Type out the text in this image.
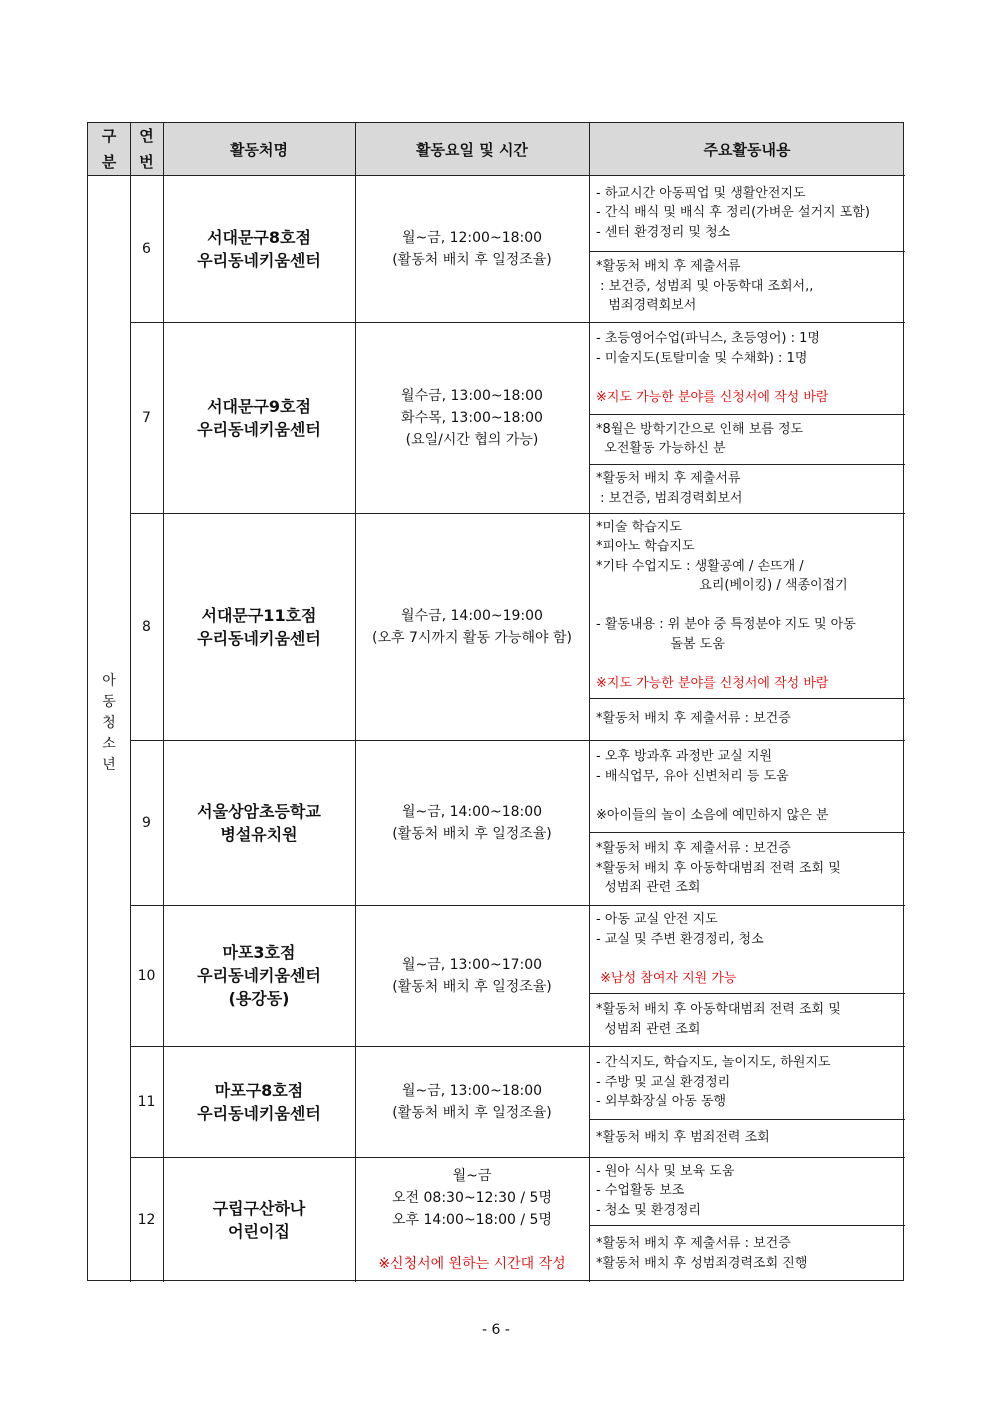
구
분
연
번
활동처명	활동요일 및 시간	주요활동내용
아동청소년
6
서대문구8호점
우리동네키움센터
월~금, 12:00~18:00
(활동처 배치 후 일정조율)
- 하교시간 아동픽업 및 생활안전지도
- 간식 배식 및 배식 후 정리(가벼운 설거지 포함)
- 센터 환경정리 및 청소
*활동처 배치 후 제출서류
: 보건증, 성범죄 및 아동학대 조회서,,
범죄경력회보서
7
서대문구9호점
우리동네키움센터
월수금, 13:00~18:00
화수목, 13:00~18:00
(요일/시간 협의 가능)
- 초등영어수업(파닉스, 초등영어) : 1명
- 미술지도(토탈미술 및 수채화) : 1명

※지도 가능한 분야를 신청서에 작성 바람
*8월은 방학기간으로 인해 보름 정도
오전활동 가능하신 분
*활동처 배치 후 제출서류
: 보건증, 범죄경력회보서
8
서대문구11호점
우리동네키움센터
월수금, 14:00~19:00
(오후 7시까지 활동 가능해야 함)
*미술 학습지도
*피아노 학습지도
*기타 수업지도 : 생활공예 / 손뜨개 /
요리(베이킹) / 색종이접기

- 활동내용 : 위 분야 중 특정분야 지도 및 아동
돌봄 도움

※지도 가능한 분야를 신청서에 작성 바람
*활동처 배치 후 제출서류 : 보건증
9
서울상암초등학교
병설유치원
월~금, 14:00~18:00
(활동처 배치 후 일정조율)
- 오후 방과후 과정반 교실 지원
- 배식업무, 유아 신변처리 등 도움

※아이들의 놀이 소음에 예민하지 않은 분
*활동처 배치 후 제출서류 : 보건증
*활동처 배치 후 아동학대범죄 전력 조회 및
성범죄 관련 조회
10
마포3호점
우리동네키움센터
(용강동)
월~금, 13:00~17:00
(활동처 배치 후 일정조율)
- 아동 교실 안전 지도
- 교실 및 주변 환경정리, 청소

※남성 참여자 지원 가능
*활동처 배치 후 아동학대범죄 전력 조회 및
성범죄 관련 조회
11
마포구8호점
우리동네키움센터
월~금, 13:00~18:00
(활동처 배치 후 일정조율)
- 간식지도, 학습지도, 놀이지도, 하원지도
- 주방 및 교실 환경정리
- 외부화장실 아동 동행
*활동처 배치 후 범죄전력 조회
12
구립구산하나
어린이집
월~금
오전 08:30~12:30 / 5명
오후 14:00~18:00 / 5명

※신청서에 원하는 시간대 작성
- 원아 식사 및 보육 도움
- 수업활동 보조
- 청소 및 환경정리
*활동처 배치 후 제출서류 : 보건증
*활동처 배치 후 성범죄경력조회 진행
- 6 -
